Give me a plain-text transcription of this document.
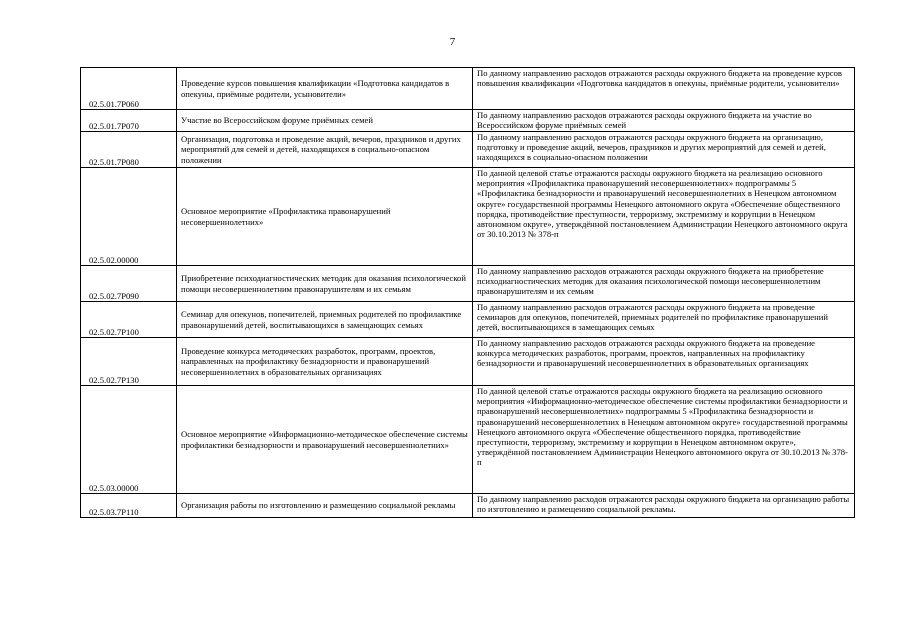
7
02.5.01.7P060	Проведение курсов повышения квалификации «Подготовка кандидатов в опекуны, приёмные родители, усыновители»	По данному направлению расходов отражаются расходы окружного бюджета на проведение курсов повышения квалификации «Подготовка кандидатов в опекуны, приёмные родители, усыновители»
02.5.01.7P070	Участие во Всероссийском форуме приёмных семей	По данному направлению расходов отражаются расходы окружного бюджета на участие во Всероссийском форуме приёмных семей
02.5.01.7P080	Организация, подготовка и проведение акций, вечеров, праздников и других мероприятий для семей и детей, находящихся в социально-опасном положении	По данному направлению расходов отражаются расходы окружного бюджета на организацию, подготовку и проведение акций, вечеров, праздников и других мероприятий для семей и детей, находящихся в социально-опасном положении
02.5.02.00000	Основное мероприятие «Профилактика правонарушений несовершеннолетних»	По данной целевой статье отражаются расходы окружного бюджета на реализацию основного мероприятия «Профилактика правонарушений несовершеннолетних» подпрограммы 5 «Профилактика безнадзорности и правонарушений несовершеннолетних в Ненецком автономном округе» государственной программы Ненецкого автономного округа «Обеспечение общественного порядка, противодействие преступности, терроризму, экстремизму и коррупции в Ненецком автономном округе», утверждённой постановлением Администрации Ненецкого автономного округа от 30.10.2013 № 378-п
02.5.02.7P090	Приобретение психодиагностических методик для оказания психологической помощи несовершеннолетним правонарушителям и их семьям	По данному направлению расходов отражаются расходы окружного бюджета на приобретение психодиагностических методик для оказания психологической помощи несовершеннолетним правонарушителям и их семьям
02.5.02.7P100	Семинар для опекунов, попечителей, приемных родителей по профилактике правонарушений детей, воспитывающихся в замещающих семьях	По данному направлению расходов отражаются расходы окружного бюджета на проведение семинаров для опекунов, попечителей, приемных родителей по профилактике правонарушений детей, воспитывающихся в замещающих семьях
02.5.02.7P130	Проведение конкурса методических разработок, программ, проектов, направленных на профилактику безнадзорности и правонарушений несовершеннолетних в образовательных организациях	По данному направлению расходов отражаются расходы окружного бюджета на проведение конкурса методических разработок, программ, проектов, направленных на профилактику безнадзорности и правонарушений несовершеннолетних в образовательных организациях
02.5.03.00000	Основное мероприятие «Информационно-методическое обеспечение системы профилактики безнадзорности и правонарушений несовершеннолетних»	По данной целевой статье отражаются расходы окружного бюджета на реализацию основного мероприятия «Информационно-методическое обеспечение системы профилактики безнадзорности и правонарушений несовершеннолетних» подпрограммы 5 «Профилактика безнадзорности и правонарушений несовершеннолетних в Ненецком автономном округе» государственной программы Ненецкого автономного округа «Обеспечение общественного порядка, противодействие преступности, терроризму, экстремизму и коррупции в Ненецком автономном округе», утверждённой постановлением Администрации Ненецкого автономного округа от 30.10.2013 № 378-п
02.5.03.7P110	Организация работы по изготовлению и размещению социальной рекламы	По данному направлению расходов отражаются расходы окружного бюджета на организацию работы по изготовлению и размещению социальной рекламы.
